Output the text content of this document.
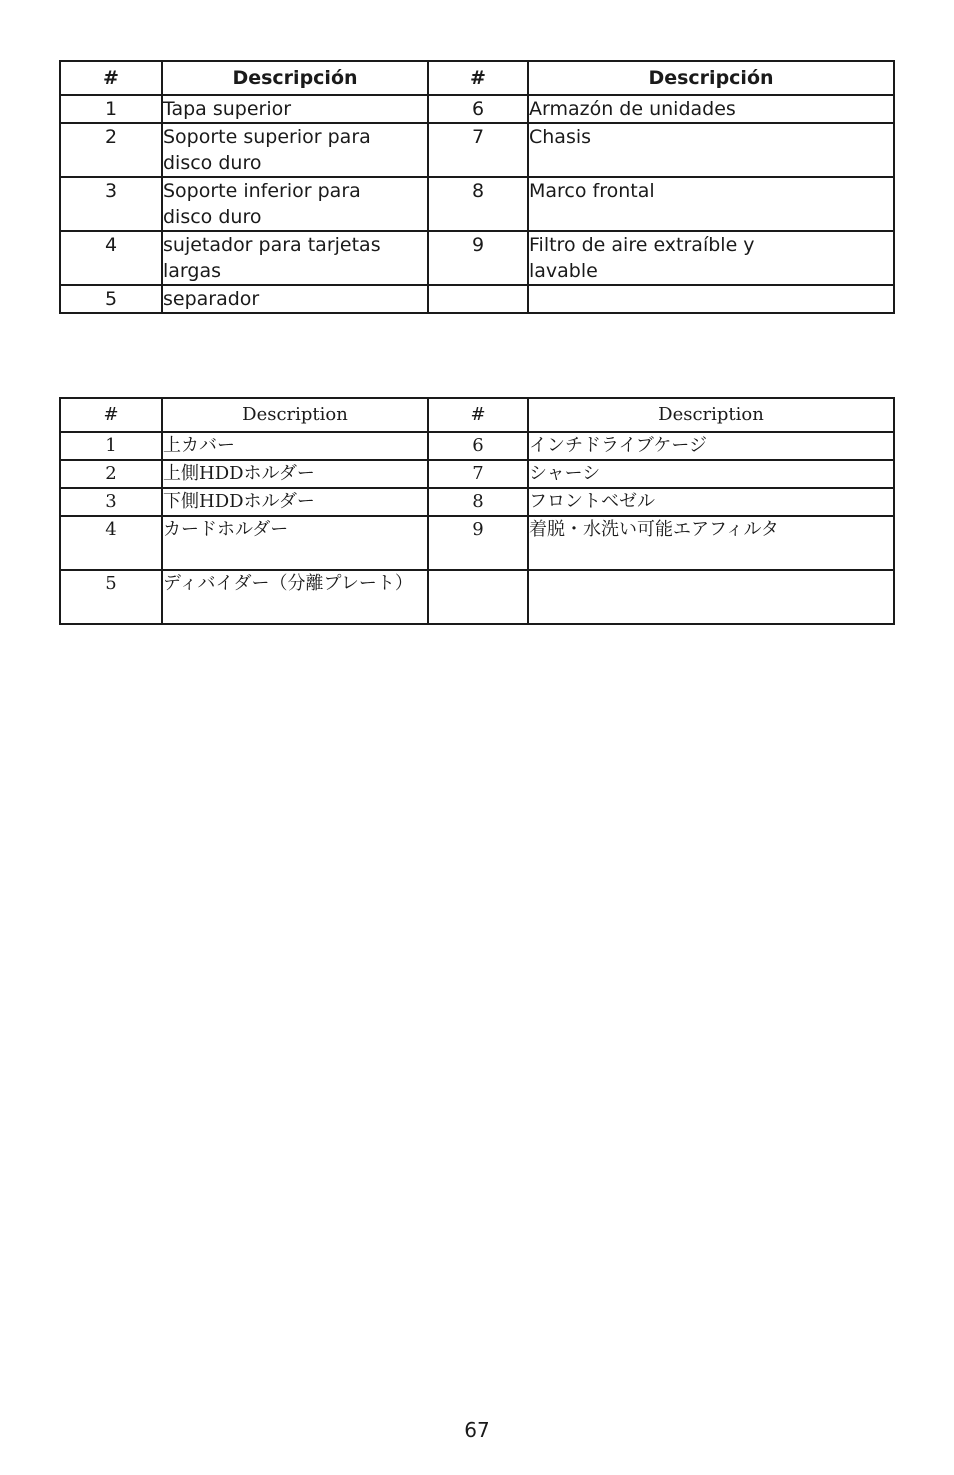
#	Descripción	#	Descripción
1	Tapa superior	6	Armazón de unidades

2	Soporte superior para disco duro	7	Chasis

3	Soporte inferior para disco duro	8	Marco frontal

4	sujetador para tarjetas largas	9	Filtro de aire extraíble y lavable

5	separador		

#	Description	#	Description
1	上カバー	6	インチドライブケージ

2	上側HDDホルダー	7	シャーシ

3	下側HDDホルダー	8	フロントベゼル

4	カードホルダー	9	着脱・水洗い可能エアフィルタ

5	ディバイダー（分離プレート）		

67
